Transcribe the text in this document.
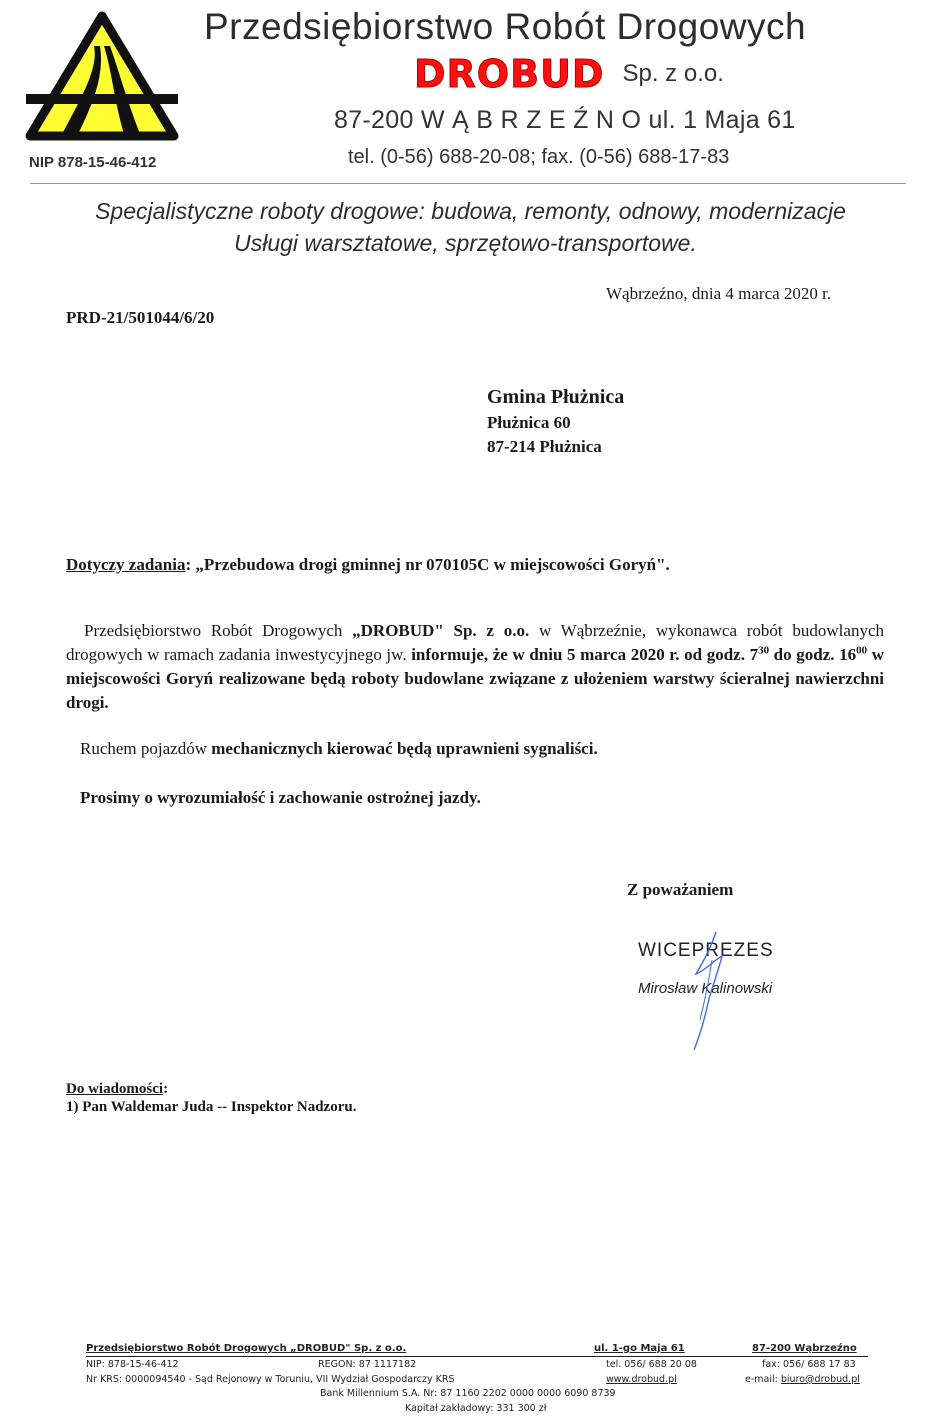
Przedsiębiorstwo Robót Drogowych
DROBUD Sp. z o.o.
87-200 W Ą B R Z E Ź N O ul. 1 Maja 61
NIP 878-15-46-412	tel. (0-56) 688-20-08; fax. (0-56) 688-17-83
Specjalistyczne roboty drogowe: budowa, remonty, odnowy, modernizacje
Usługi warsztatowe, sprzętowo-transportowe.
Wąbrzeźno, dnia 4 marca 2020 r.
PRD-21/501044/6/20
Gmina Płużnica
Płużnica 60
87-214 Płużnica
Dotyczy zadania: „Przebudowa drogi gminnej nr 070105C w miejscowości Goryń".
Przedsiębiorstwo Robót Drogowych „DROBUD" Sp. z o.o. w Wąbrzeźnie, wykonawca robót budowlanych drogowych w ramach zadania inwestycyjnego jw. informuje, że w dniu 5 marca 2020 r. od godz. $7^{30}$ do godz. $16^{00}$ w miejscowości Goryń realizowane będą roboty budowlane związane z ułożeniem warstwy ścieralnej nawierzchni drogi.
Ruchem pojazdów mechanicznych kierować będą uprawnieni sygnaliści.
Prosimy o wyrozumiałość i zachowanie ostrożnej jazdy.
Z poważaniem
WICEPREZES
Mirosław Kalinowski
Do wiadomości:
1) Pan Waldemar Juda -- Inspektor Nadzoru.
Przedsiębiorstwo Robót Drogowych „DROBUD" Sp. z o.o.	ul. 1-go Maja 61	87-200 Wąbrzeźno
NIP: 878-15-46-412	REGON: 87 1117182	tel. 056/ 688 20 08	fax: 056/ 688 17 83
Nr KRS: 0000094540 - Sąd Rejonowy w Toruniu, VII Wydział Gospodarczy KRS	www.drobud.pl	e-mail: biuro@drobud.pl
Bank Millennium S.A. Nr: 87 1160 2202 0000 0000 6090 8739
Kapitał zakładowy: 331 300 zł
